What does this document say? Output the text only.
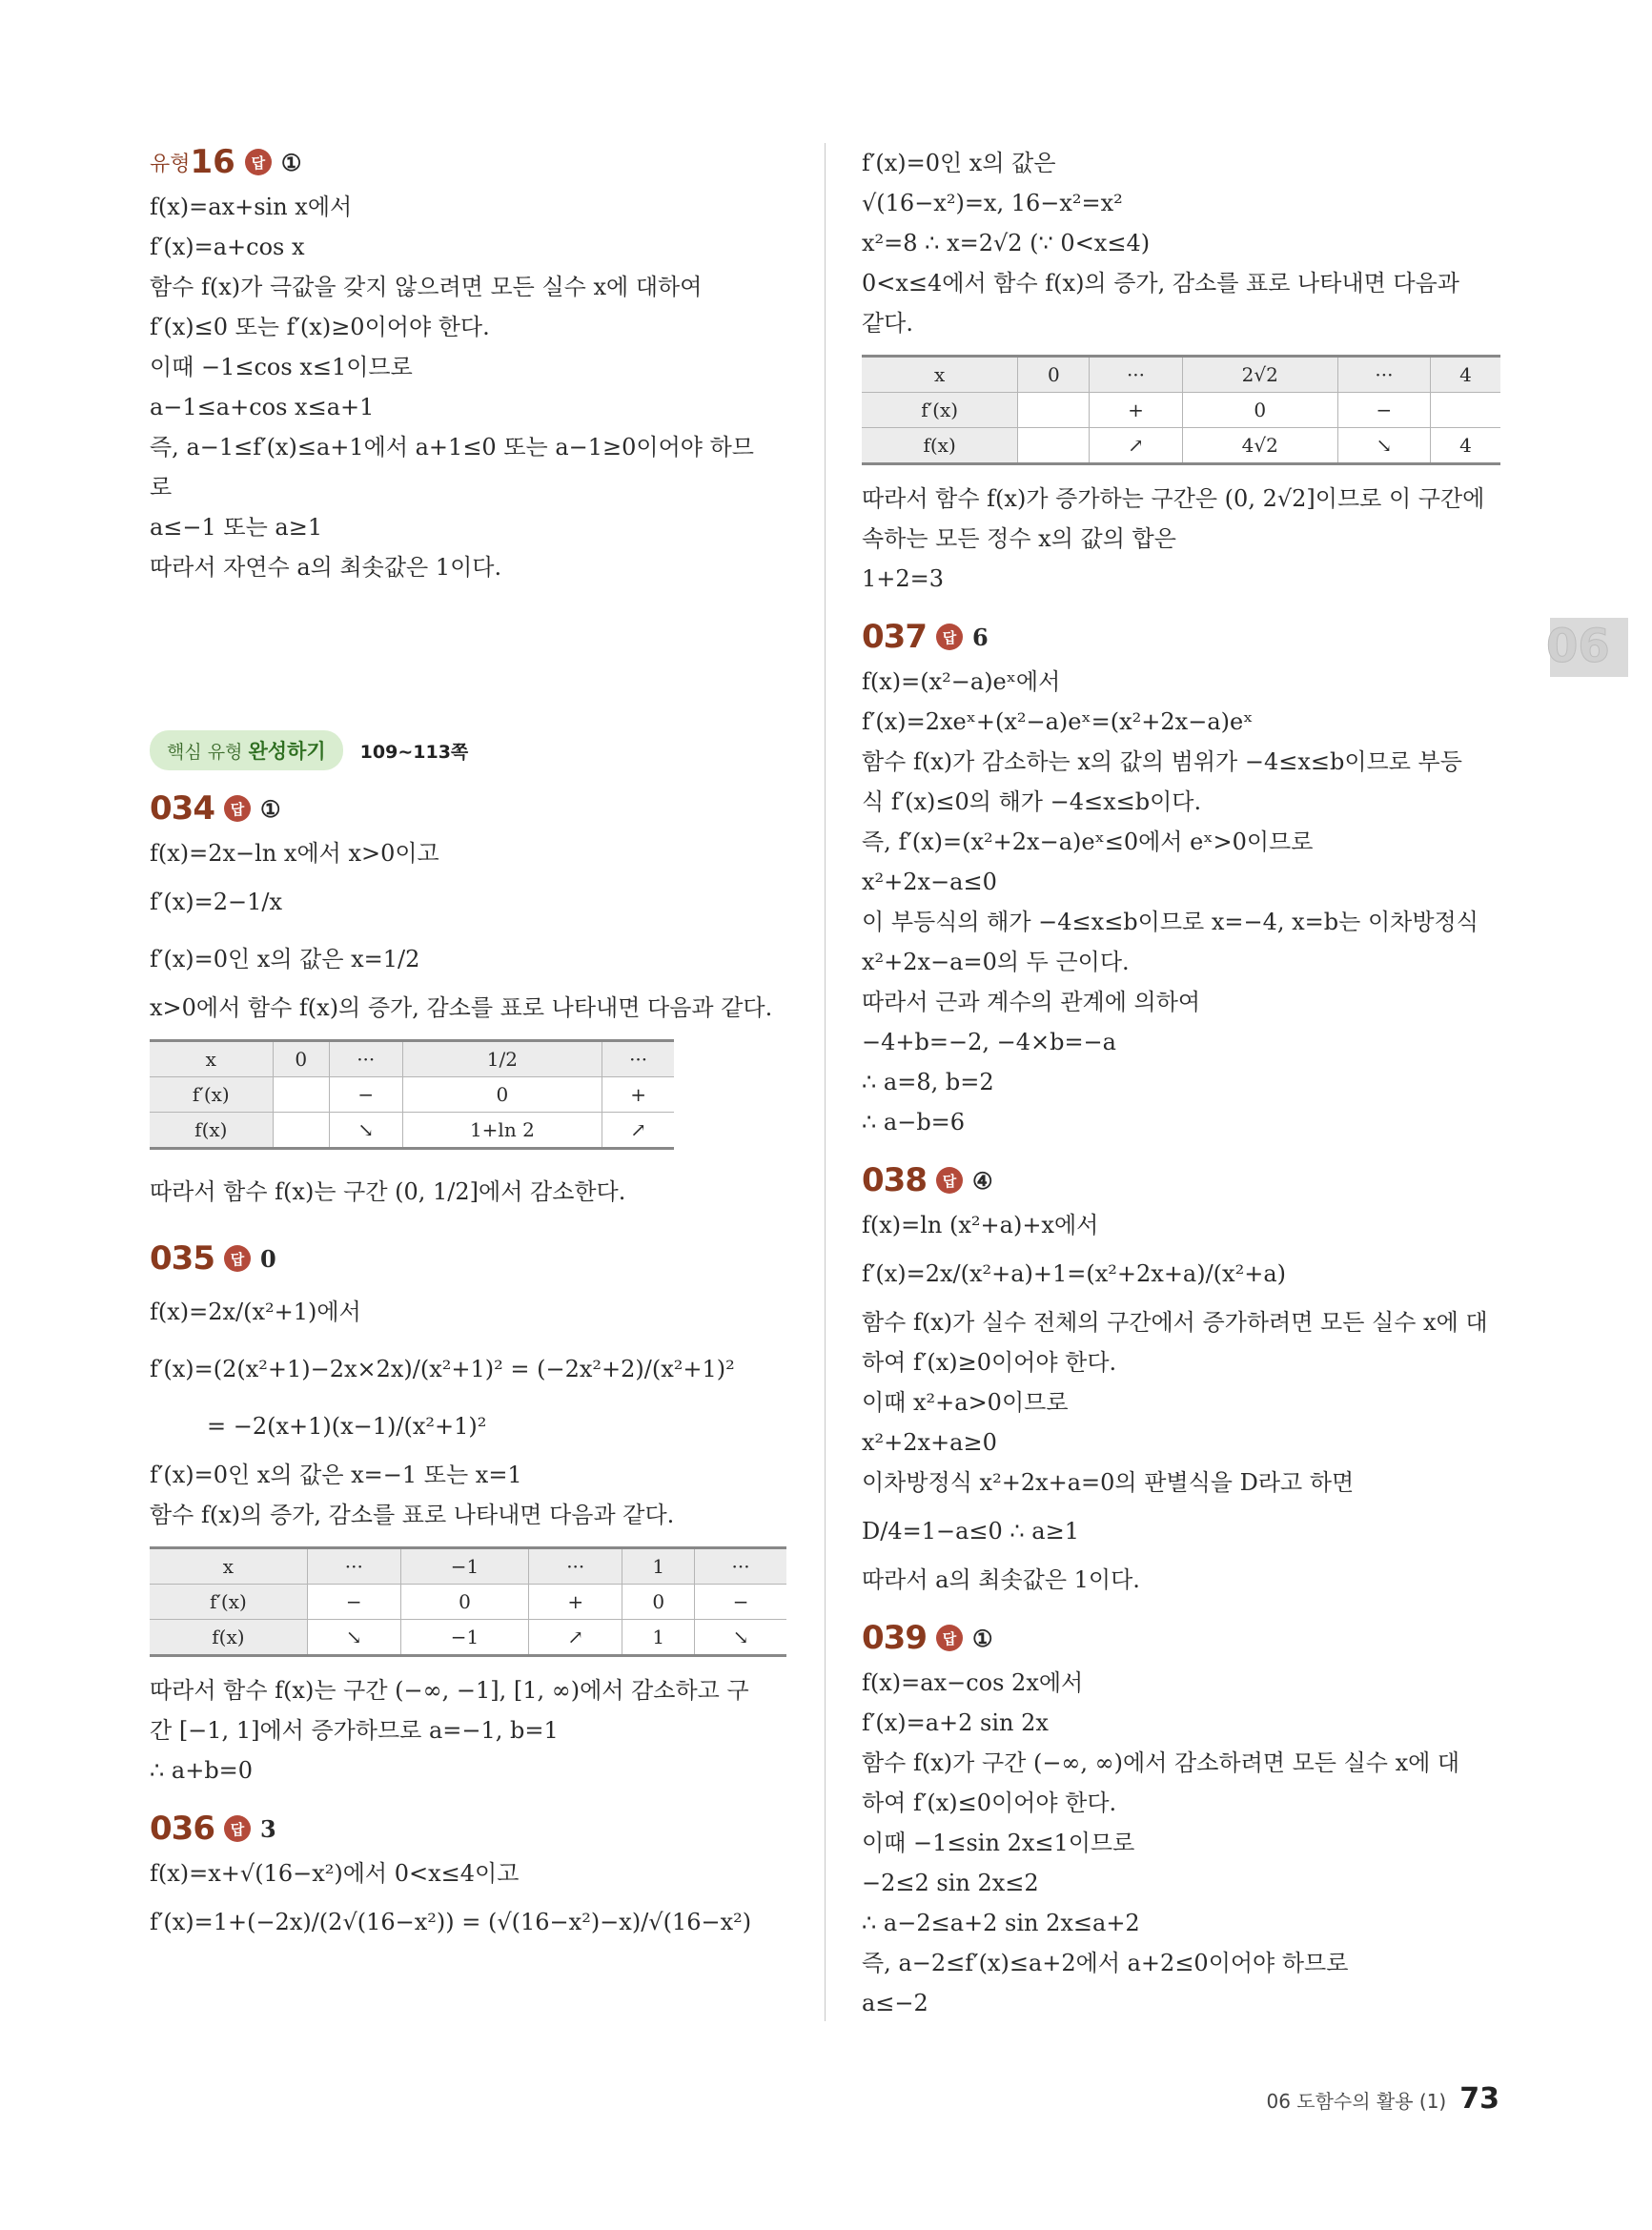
유형 16	답 ①
f(x)=ax+sin x에서
f′(x)=a+cos x
함수 f(x)가 극값을 갖지 않으려면 모든 실수 x에 대하여
f′(x)≤0 또는 f′(x)≥0이어야 한다.
이때 −1≤cos x≤1이므로
a−1≤a+cos x≤a+1
즉, a−1≤f′(x)≤a+1에서 a+1≤0 또는 a−1≥0이어야 하므
로
a≤−1 또는 a≥1
따라서 자연수 a의 최솟값은 1이다.
핵심 유형 완성하기	109∼113쪽
034	답 ①
f(x)=2x−ln x에서 x>0이고
f′(x)=2−1/x
f′(x)=0인 x의 값은 x=1/2
x>0에서 함수 f(x)의 증가, 감소를 표로 나타내면 다음과 같다.
x	0	···	1/2	···
f′(x)		−	0	+
f(x)		↘	1+ln 2	↗
따라서 함수 f(x)는 구간 (0, 1/2]에서 감소한다.
035	답 0
f(x)=2x/(x²+1)에서
f′(x)=(2(x²+1)−2x×2x)/(x²+1)² = (−2x²+2)/(x²+1)²
= −2(x+1)(x−1)/(x²+1)²
f′(x)=0인 x의 값은 x=−1 또는 x=1
함수 f(x)의 증가, 감소를 표로 나타내면 다음과 같다.
x	···	−1	···	1	···
f′(x)	−	0	+	0	−
f(x)	↘	−1	↗	1	↘
따라서 함수 f(x)는 구간 (−∞, −1], [1, ∞)에서 감소하고 구
간 [−1, 1]에서 증가하므로 a=−1, b=1
∴ a+b=0
036	답 3
f(x)=x+√(16−x²)에서 0<x≤4이고
f′(x)=1+(−2x)/(2√(16−x²)) = (√(16−x²)−x)/√(16−x²)
f′(x)=0인 x의 값은
√(16−x²)=x, 16−x²=x²
x²=8 ∴ x=2√2 (∵ 0<x≤4)
0<x≤4에서 함수 f(x)의 증가, 감소를 표로 나타내면 다음과
같다.
x	0	···	2√2	···	4
f′(x)		+	0	−	
f(x)		↗	4√2	↘	4
따라서 함수 f(x)가 증가하는 구간은 (0, 2√2]이므로 이 구간에
속하는 모든 정수 x의 값의 합은
1+2=3
037	답 6
f(x)=(x²−a)eˣ에서
f′(x)=2xeˣ+(x²−a)eˣ=(x²+2x−a)eˣ
함수 f(x)가 감소하는 x의 값의 범위가 −4≤x≤b이므로 부등
식 f′(x)≤0의 해가 −4≤x≤b이다.
즉, f′(x)=(x²+2x−a)eˣ≤0에서 eˣ>0이므로
x²+2x−a≤0
이 부등식의 해가 −4≤x≤b이므로 x=−4, x=b는 이차방정식
x²+2x−a=0의 두 근이다.
따라서 근과 계수의 관계에 의하여
−4+b=−2, −4×b=−a
∴ a=8, b=2
∴ a−b=6
038	답 ④
f(x)=ln (x²+a)+x에서
f′(x)=2x/(x²+a)+1=(x²+2x+a)/(x²+a)
함수 f(x)가 실수 전체의 구간에서 증가하려면 모든 실수 x에 대
하여 f′(x)≥0이어야 한다.
이때 x²+a>0이므로
x²+2x+a≥0
이차방정식 x²+2x+a=0의 판별식을 D라고 하면
D/4=1−a≤0 ∴ a≥1
따라서 a의 최솟값은 1이다.
039	답 ①
f(x)=ax−cos 2x에서
f′(x)=a+2 sin 2x
함수 f(x)가 구간 (−∞, ∞)에서 감소하려면 모든 실수 x에 대
하여 f′(x)≤0이어야 한다.
이때 −1≤sin 2x≤1이므로
−2≤2 sin 2x≤2
∴ a−2≤a+2 sin 2x≤a+2
즉, a−2≤f′(x)≤a+2에서 a+2≤0이어야 하므로
a≤−2
06
06 도함수의 활용 (1) 73
